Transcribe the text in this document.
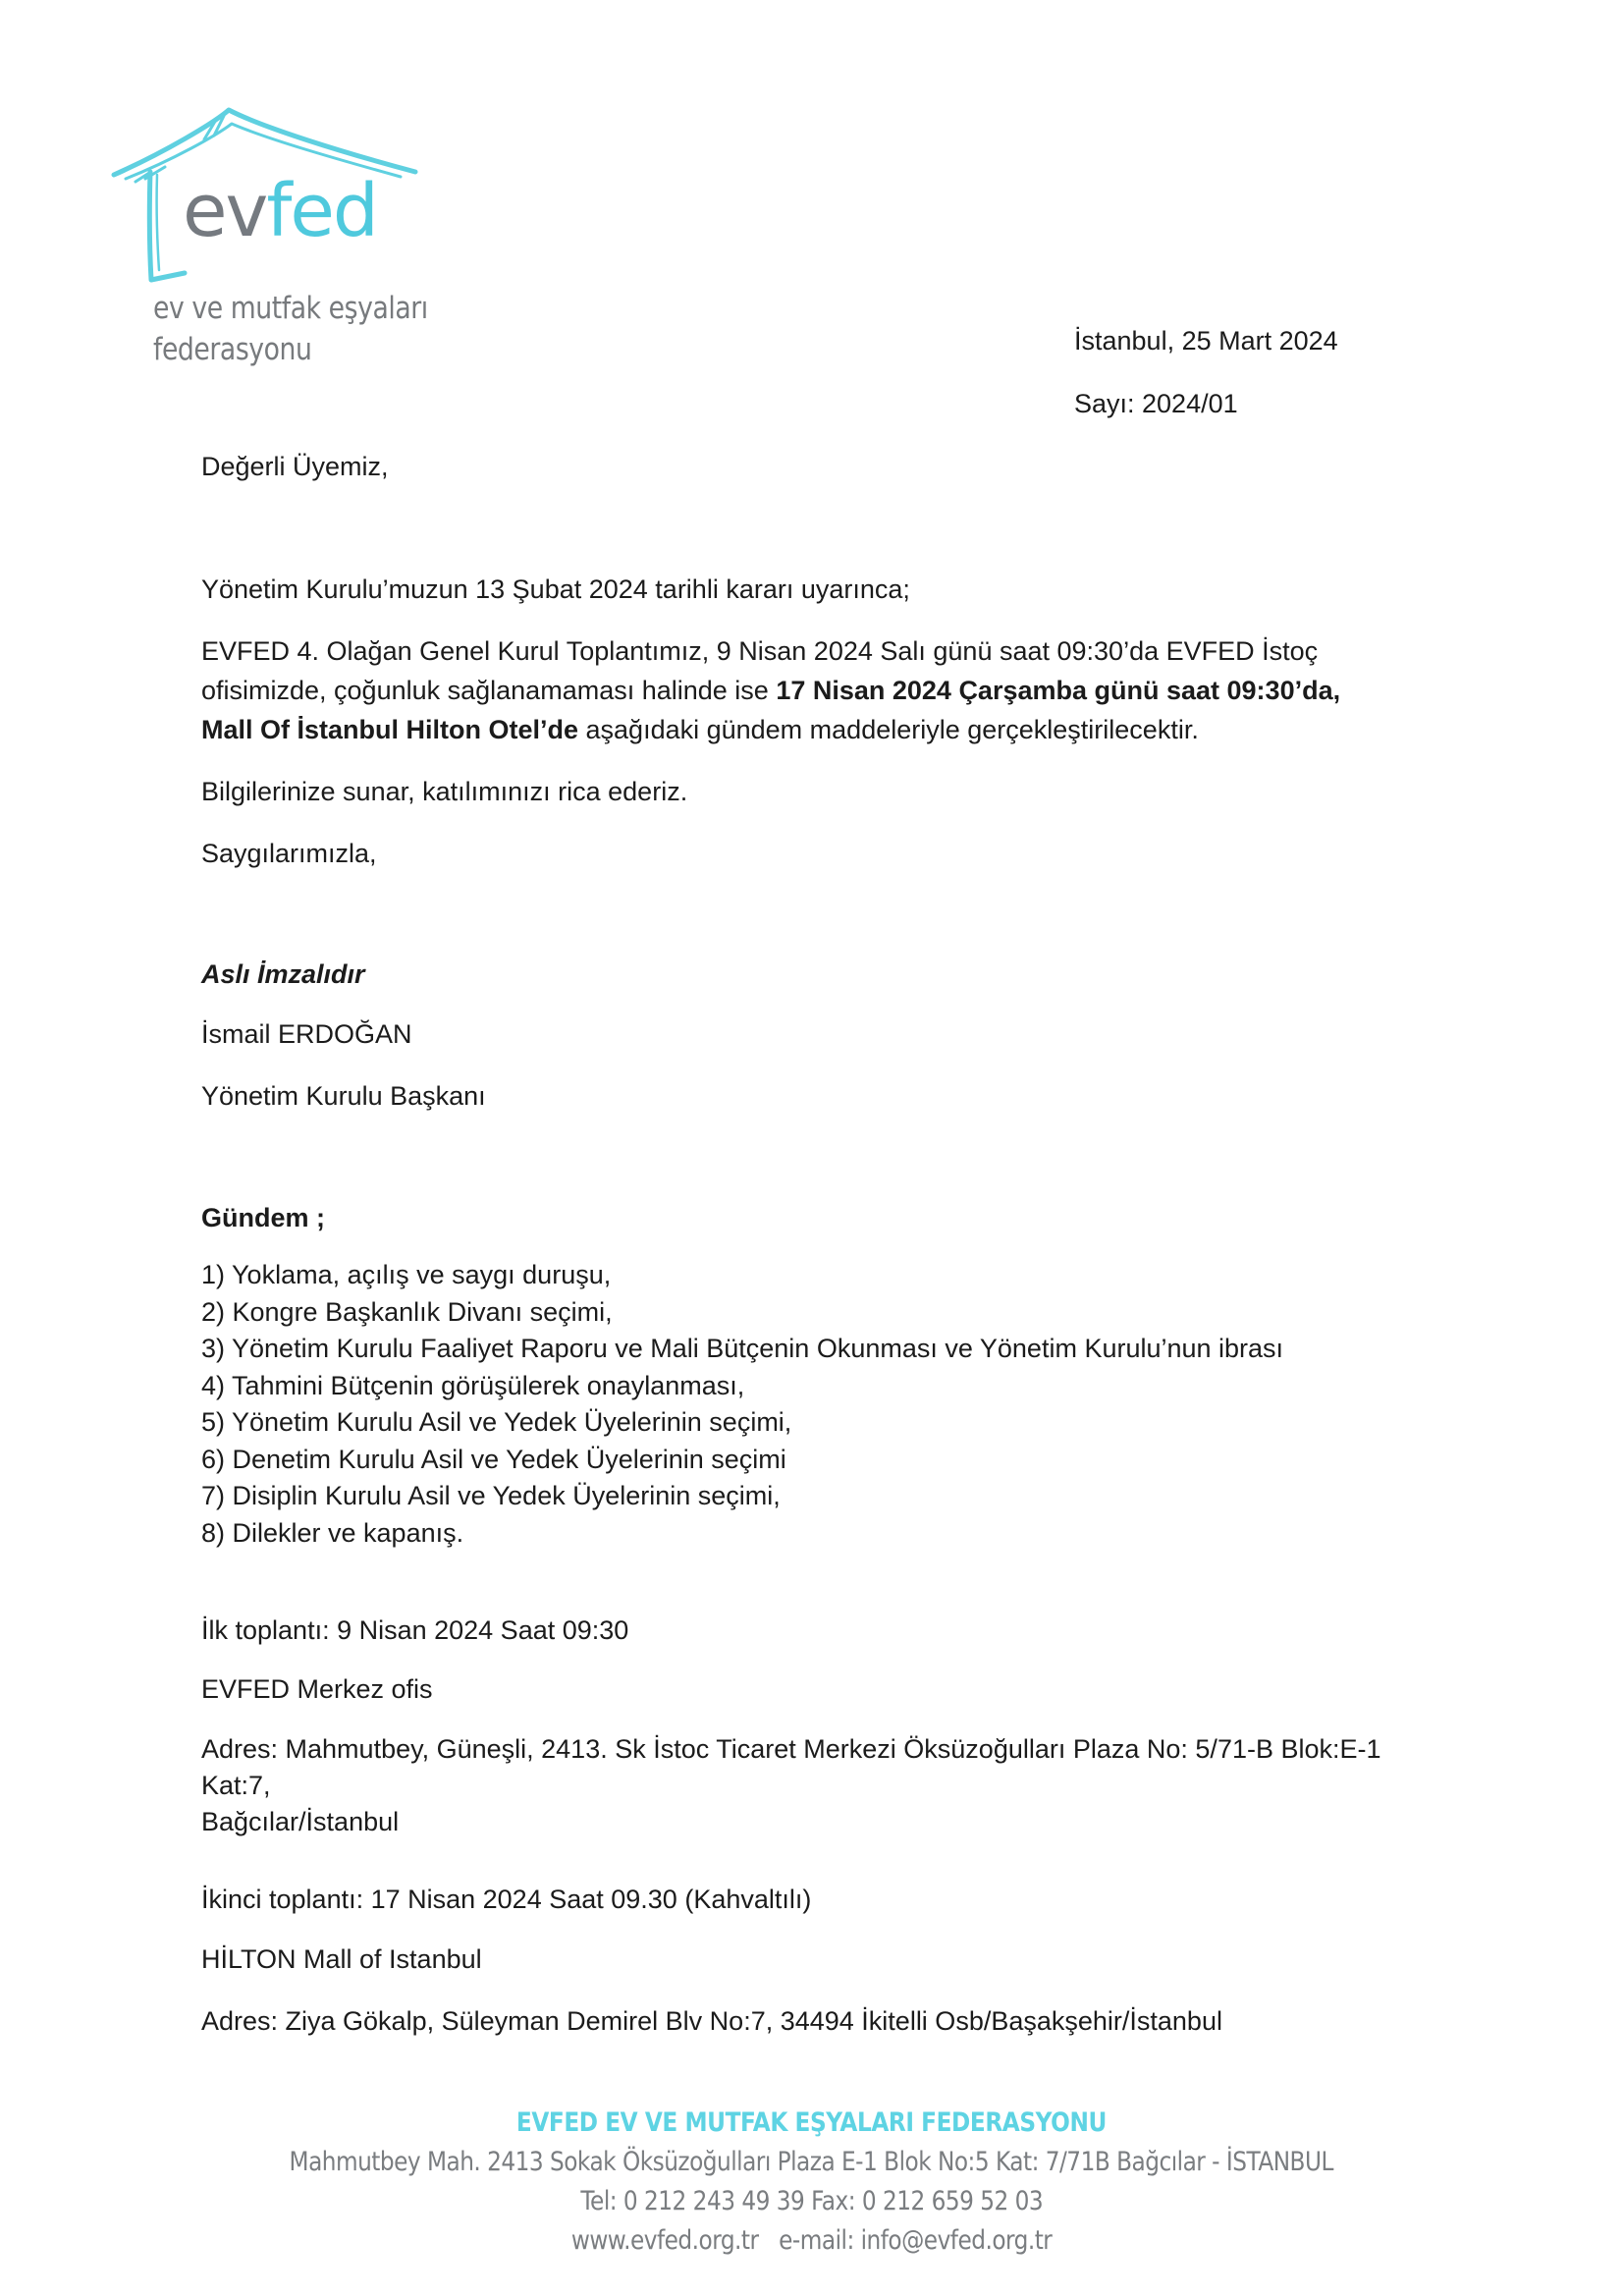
evfed
ev ve mutfak eşyaları
federasyonu	İstanbul, 25 Mart 2024
Sayı: 2024/01
Değerli Üyemiz,
Yönetim Kurulu’muzun 13 Şubat 2024 tarihli kararı uyarınca;
EVFED 4. Olağan Genel Kurul Toplantımız, 9 Nisan 2024 Salı günü saat 09:30’da EVFED İstoç
ofisimizde, çoğunluk sağlanamaması halinde ise 17 Nisan 2024 Çarşamba günü saat 09:30’da,
Mall Of İstanbul Hilton Otel’de aşağıdaki gündem maddeleriyle gerçekleştirilecektir.
Bilgilerinize sunar, katılımınızı rica ederiz.
Saygılarımızla,
Aslı İmzalıdır
İsmail ERDOĞAN
Yönetim Kurulu Başkanı
Gündem ;
1) Yoklama, açılış ve saygı duruşu,
2) Kongre Başkanlık Divanı seçimi,
3) Yönetim Kurulu Faaliyet Raporu ve Mali Bütçenin Okunması ve Yönetim Kurulu’nun ibrası
4) Tahmini Bütçenin görüşülerek onaylanması,
5) Yönetim Kurulu Asil ve Yedek Üyelerinin seçimi,
6) Denetim Kurulu Asil ve Yedek Üyelerinin seçimi
7) Disiplin Kurulu Asil ve Yedek Üyelerinin seçimi,
8) Dilekler ve kapanış.
İlk toplantı: 9 Nisan 2024 Saat 09:30
EVFED Merkez ofis
Adres: Mahmutbey, Güneşli, 2413. Sk İstoc Ticaret Merkezi Öksüzoğulları Plaza No: 5/71-B Blok:E-1 Kat:7,
Bağcılar/İstanbul
İkinci toplantı: 17 Nisan 2024 Saat 09.30 (Kahvaltılı)
HİLTON Mall of Istanbul
Adres: Ziya Gökalp, Süleyman Demirel Blv No:7, 34494 İkitelli Osb/Başakşehir/İstanbul
EVFED EV VE MUTFAK EŞYALARI FEDERASYONU
Mahmutbey Mah. 2413 Sokak Öksüzoğulları Plaza E-1 Blok No:5 Kat: 7/71B Bağcılar - İSTANBUL
Tel: 0 212 243 49 39 Fax: 0 212 659 52 03
www.evfed.org.tr   e-mail: info@evfed.org.tr
